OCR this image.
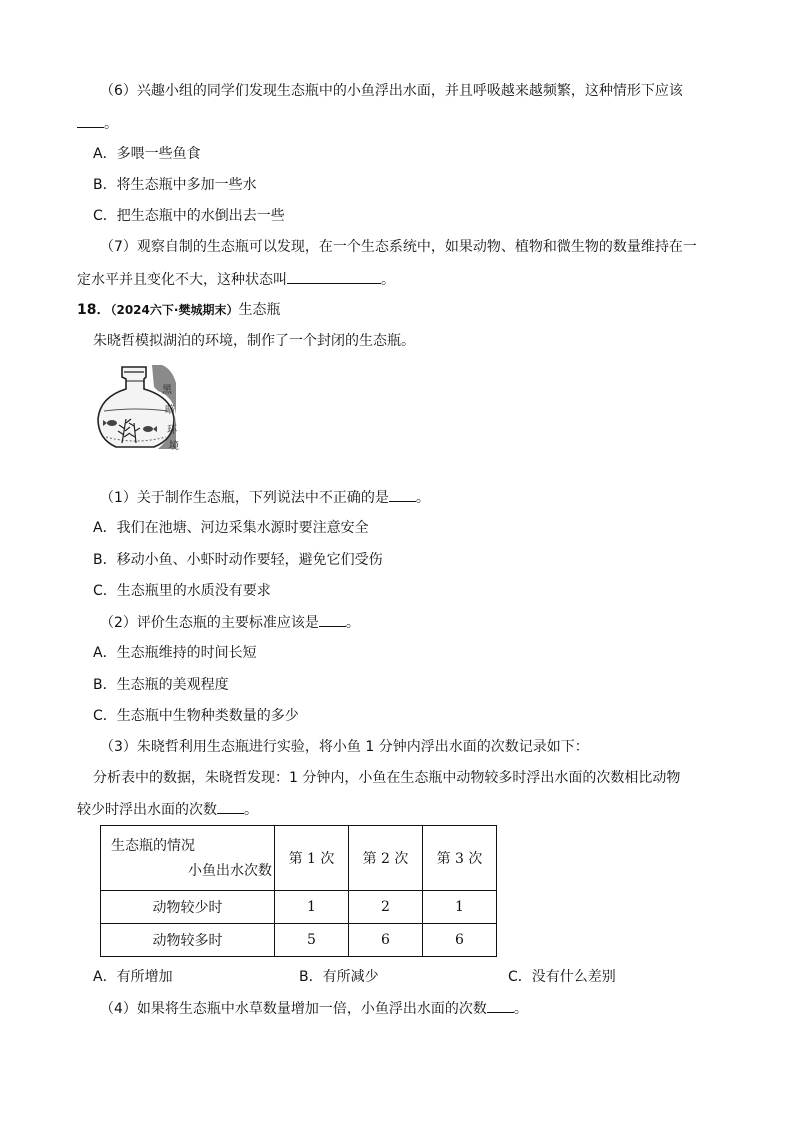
（6）兴趣小组的同学们发现生态瓶中的小鱼浮出水面，并且呼吸越来越频繁，这种情形下应该
。
A．多喂一些鱼食
B．将生态瓶中多加一些水
C．把生态瓶中的水倒出去一些
（7）观察自制的生态瓶可以发现，在一个生态系统中，如果动物、植物和微生物的数量维持在一
定水平并且变化不大，这种状态叫	。
18．（2024六下·樊城期末）生态瓶
朱晓哲模拟湖泊的环境，制作了一个封闭的生态瓶。
黑
暗
环
境
（1）关于制作生态瓶，下列说法中不正确的是 。
A．我们在池塘、河边采集水源时要注意安全
B．移动小鱼、小虾时动作要轻，避免它们受伤
C．生态瓶里的水质没有要求
（2）评价生态瓶的主要标准应该是 。
A．生态瓶维持的时间长短
B．生态瓶的美观程度
C．生态瓶中生物种类数量的多少
（3）朱晓哲利用生态瓶进行实验，将小鱼 1 分钟内浮出水面的次数记录如下：
分析表中的数据，朱晓哲发现：1 分钟内，小鱼在生态瓶中动物较多时浮出水面的次数相比动物
较少时浮出水面的次数 。
生态瓶的情况
小鱼出水次数	第 1 次	第 2 次	第 3 次
动物较少时	1	2	1
动物较多时	5	6	6
A．有所增加	B．有所减少	C．没有什么差别
（4）如果将生态瓶中水草数量增加一倍，小鱼浮出水面的次数 。
